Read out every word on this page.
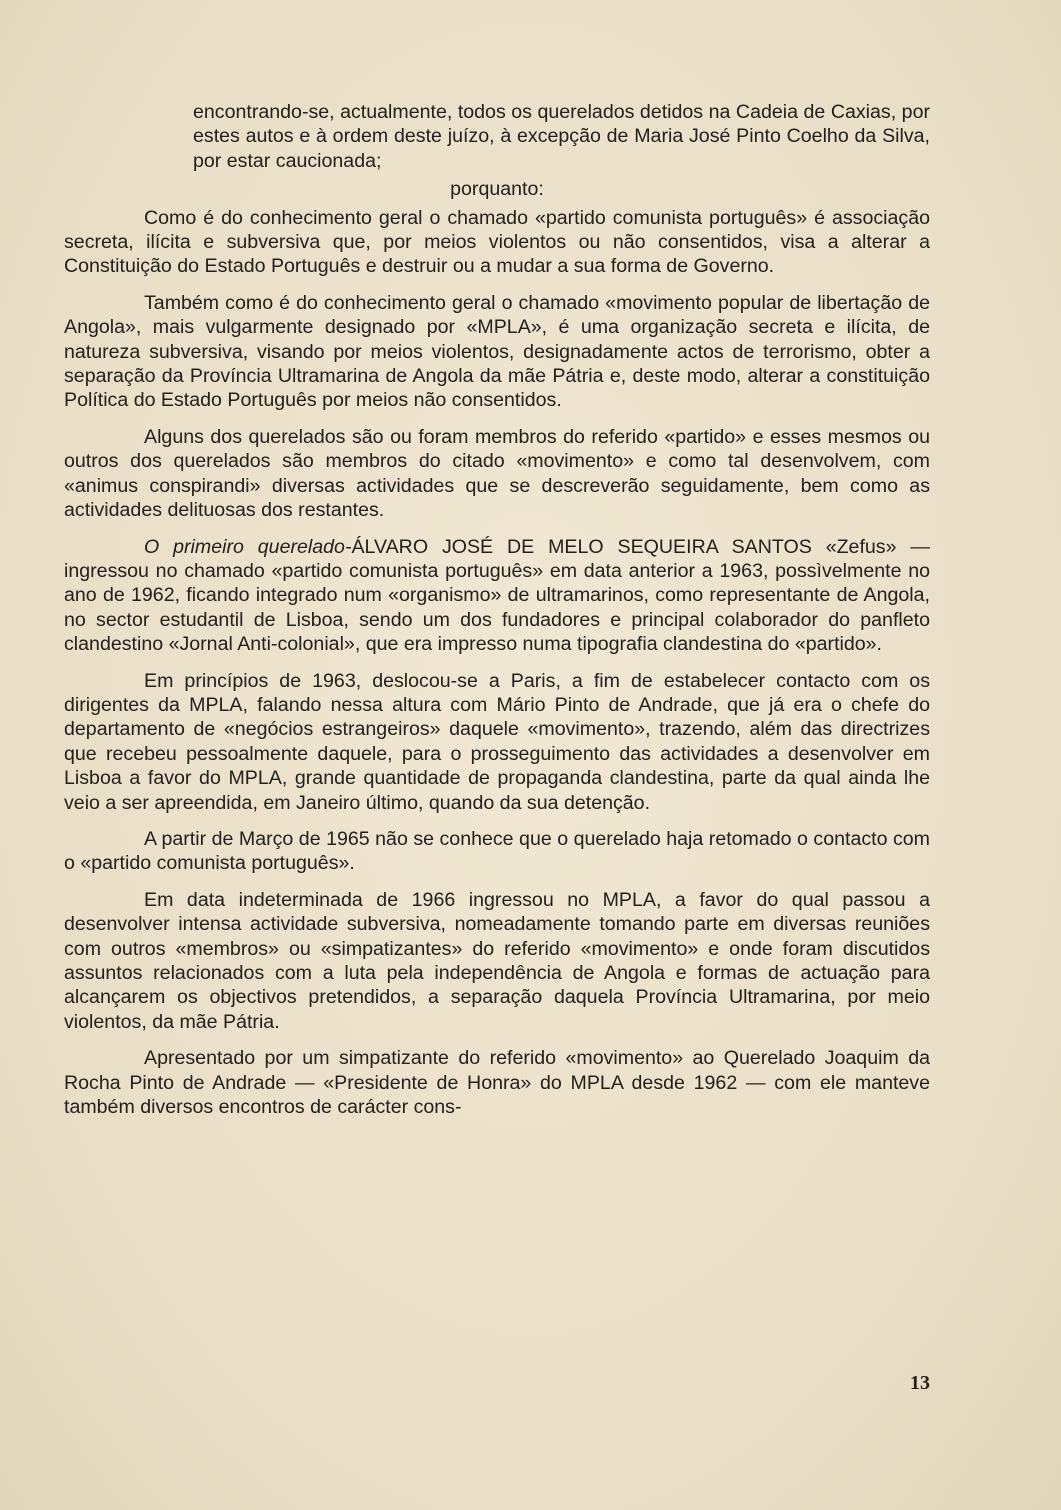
encontrando-se, actualmente, todos os querelados detidos na Cadeia de Caxias, por estes autos e à ordem deste juízo, à excepção de Maria José Pinto Coelho da Silva, por estar caucionada;

porquanto:

Como é do conhecimento geral o chamado «partido comunista português» é associação secreta, ilícita e subversiva que, por meios violentos ou não consentidos, visa a alterar a Constituição do Estado Português e destruir ou a mudar a sua forma de Governo.

Também como é do conhecimento geral o chamado «movimento popular de libertação de Angola», mais vulgarmente designado por «MPLA», é uma organização secreta e ilícita, de natureza subversiva, visando por meios violentos, designadamente actos de terrorismo, obter a separação da Província Ultramarina de Angola da mãe Pátria e, deste modo, alterar a constituição Política do Estado Português por meios não consentidos.

Alguns dos querelados são ou foram membros do referido «partido» e esses mesmos ou outros dos querelados são membros do citado «movimento» e como tal desenvolvem, com «animus conspirandi» diversas actividades que se descreverão seguidamente, bem como as actividades delituosas dos restantes.

O primeiro querelado-ÁLVARO JOSÉ DE MELO SEQUEIRA SANTOS «Zefus» — ingressou no chamado «partido comunista português» em data anterior a 1963, possìvelmente no ano de 1962, ficando integrado num «organismo» de ultramarinos, como representante de Angola, no sector estudantil de Lisboa, sendo um dos fundadores e principal colaborador do panfleto clandestino «Jornal Anti-colonial», que era impresso numa tipografia clandestina do «partido».

Em princípios de 1963, deslocou-se a Paris, a fim de estabelecer contacto com os dirigentes da MPLA, falando nessa altura com Mário Pinto de Andrade, que já era o chefe do departamento de «negócios estrangeiros» daquele «movimento», trazendo, além das directrizes que recebeu pessoalmente daquele, para o prosseguimento das actividades a desenvolver em Lisboa a favor do MPLA, grande quantidade de propaganda clandestina, parte da qual ainda lhe veio a ser apreendida, em Janeiro último, quando da sua detenção.

A partir de Março de 1965 não se conhece que o querelado haja retomado o contacto com o «partido comunista português».

Em data indeterminada de 1966 ingressou no MPLA, a favor do qual passou a desenvolver intensa actividade subversiva, nomeadamente tomando parte em diversas reuniões com outros «membros» ou «simpatizantes» do referido «movimento» e onde foram discutidos assuntos relacionados com a luta pela independência de Angola e formas de actuação para alcançarem os objectivos pretendidos, a separação daquela Província Ultramarina, por meio violentos, da mãe Pátria.

Apresentado por um simpatizante do referido «movimento» ao Querelado Joaquim da Rocha Pinto de Andrade — «Presidente de Honra» do MPLA desde 1962 — com ele manteve também diversos encontros de carácter cons-

13
